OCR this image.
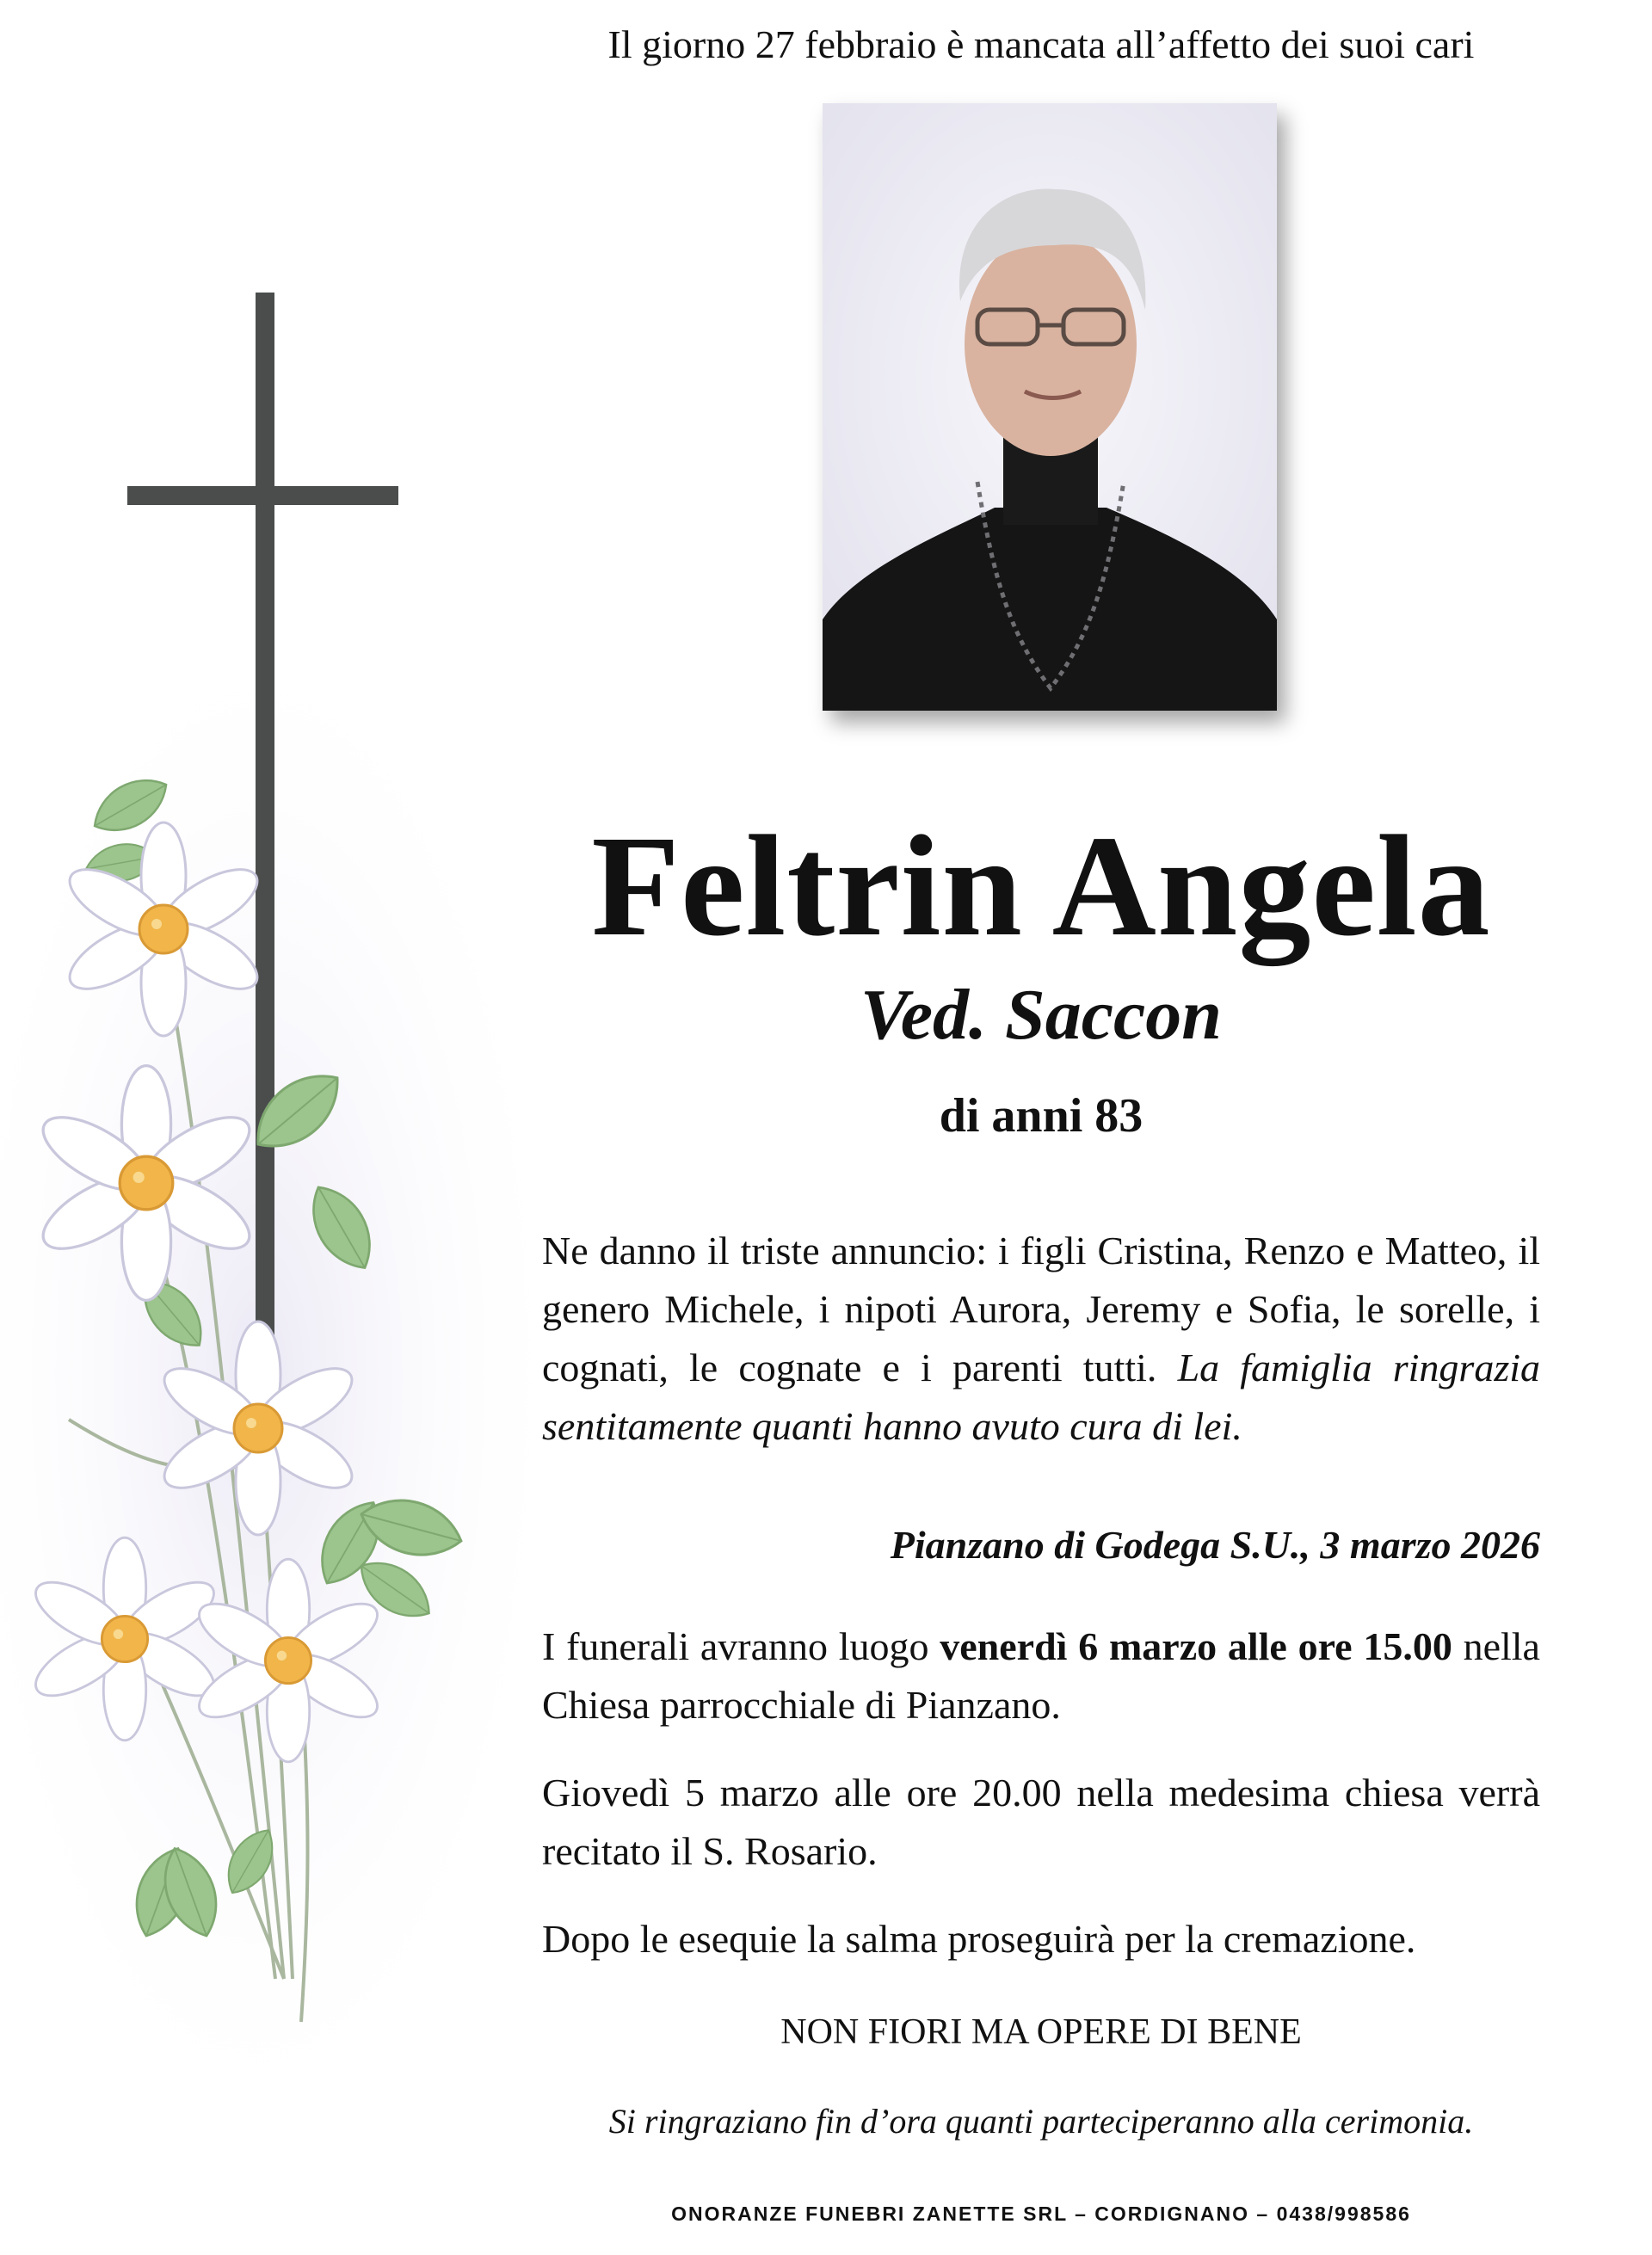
Il giorno 27 febbraio è mancata all’affetto dei suoi cari
Feltrin Angela
Ved. Saccon
di anni 83
Ne danno il triste annuncio: i figli Cristina, Renzo e Matteo, il genero Michele, i nipoti Aurora, Jeremy e Sofia, le sorelle, i cognati, le cognate e i parenti tutti. La famiglia ringrazia sentitamente quanti hanno avuto cura di lei.
Pianzano di Godega S.U., 3 marzo 2026
I funerali avranno luogo venerdì 6 marzo alle ore 15.00 nella Chiesa parrocchiale di Pianzano.
Giovedì 5 marzo alle ore 20.00 nella medesima chiesa verrà recitato il S. Rosario.
Dopo le esequie la salma proseguirà per la cremazione.
NON FIORI MA OPERE DI BENE
Si ringraziano fin d’ora quanti parteciperanno alla cerimonia.
ONORANZE FUNEBRI ZANETTE SRL – CORDIGNANO – 0438/998586
